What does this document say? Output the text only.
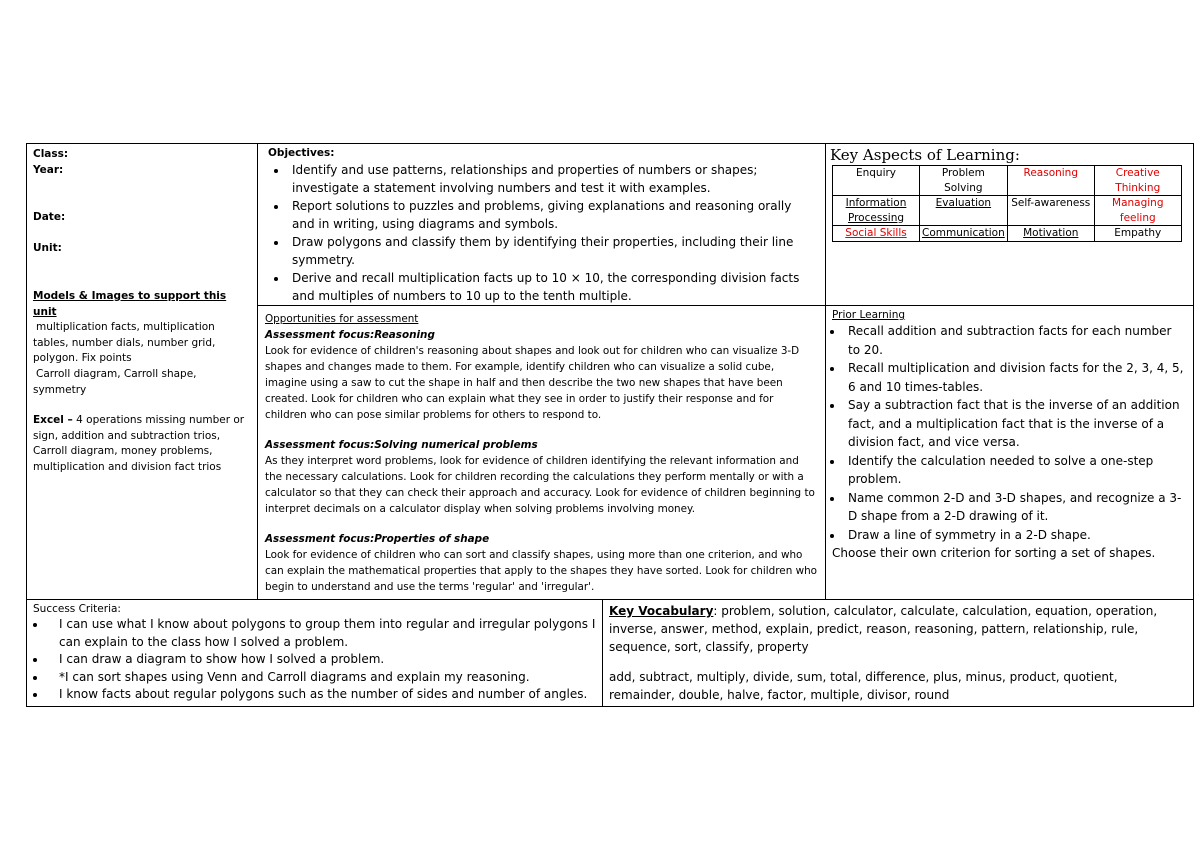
Class:
Year:
Date:
Unit:
Models & Images to support this unit
multiplication facts, multiplication
tables, number dials, number grid,
polygon. Fix points
Carroll diagram, Carroll shape,
symmetry
Excel – 4 operations missing number or
sign, addition and subtraction trios,
Carroll diagram, money problems,
multiplication and division fact trios
Objectives:
• Identify and use patterns, relationships and properties of numbers or shapes; investigate a statement involving numbers and test it with examples.
• Report solutions to puzzles and problems, giving explanations and reasoning orally and in writing, using diagrams and symbols.
• Draw polygons and classify them by identifying their properties, including their line symmetry.
• Derive and recall multiplication facts up to 10 × 10, the corresponding division facts and multiples of numbers to 10 up to the tenth multiple.
Key Aspects of Learning:
Enquiry	Problem Solving	Reasoning	Creative Thinking
Information Processing	Evaluation	Self-awareness	Managing feeling
Social Skills	Communication	Motivation	Empathy
Opportunities for assessment
Assessment focus:Reasoning
Look for evidence of children's reasoning about shapes and look out for children who can visualize 3-D shapes and changes made to them. For example, identify children who can visualize a solid cube, imagine using a saw to cut the shape in half and then describe the two new shapes that have been created. Look for children who can explain what they see in order to justify their response and for children who can pose similar problems for others to respond to.
Assessment focus:Solving numerical problems
As they interpret word problems, look for evidence of children identifying the relevant information and the necessary calculations. Look for children recording the calculations they perform mentally or with a calculator so that they can check their approach and accuracy. Look for evidence of children beginning to interpret decimals on a calculator display when solving problems involving money.
Assessment focus:Properties of shape
Look for evidence of children who can sort and classify shapes, using more than one criterion, and who can explain the mathematical properties that apply to the shapes they have sorted. Look for children who begin to understand and use the terms 'regular' and 'irregular'.
Prior Learning
• Recall addition and subtraction facts for each number to 20.
• Recall multiplication and division facts for the 2, 3, 4, 5, 6 and 10 times-tables.
• Say a subtraction fact that is the inverse of an addition fact, and a multiplication fact that is the inverse of a division fact, and vice versa.
• Identify the calculation needed to solve a one-step problem.
• Name common 2-D and 3-D shapes, and recognize a 3-D shape from a 2-D drawing of it.
• Draw a line of symmetry in a 2-D shape.
Choose their own criterion for sorting a set of shapes.
Success Criteria:
• I can use what I know about polygons to group them into regular and irregular polygons I can explain to the class how I solved a problem.
• I can draw a diagram to show how I solved a problem.
• *I can sort shapes using Venn and Carroll diagrams and explain my reasoning.
• I know facts about regular polygons such as the number of sides and number of angles.
Key Vocabulary: problem, solution, calculator, calculate, calculation, equation, operation, inverse, answer, method, explain, predict, reason, reasoning, pattern, relationship, rule, sequence, sort, classify, property
add, subtract, multiply, divide, sum, total, difference, plus, minus, product, quotient, remainder, double, halve, factor, multiple, divisor, round
